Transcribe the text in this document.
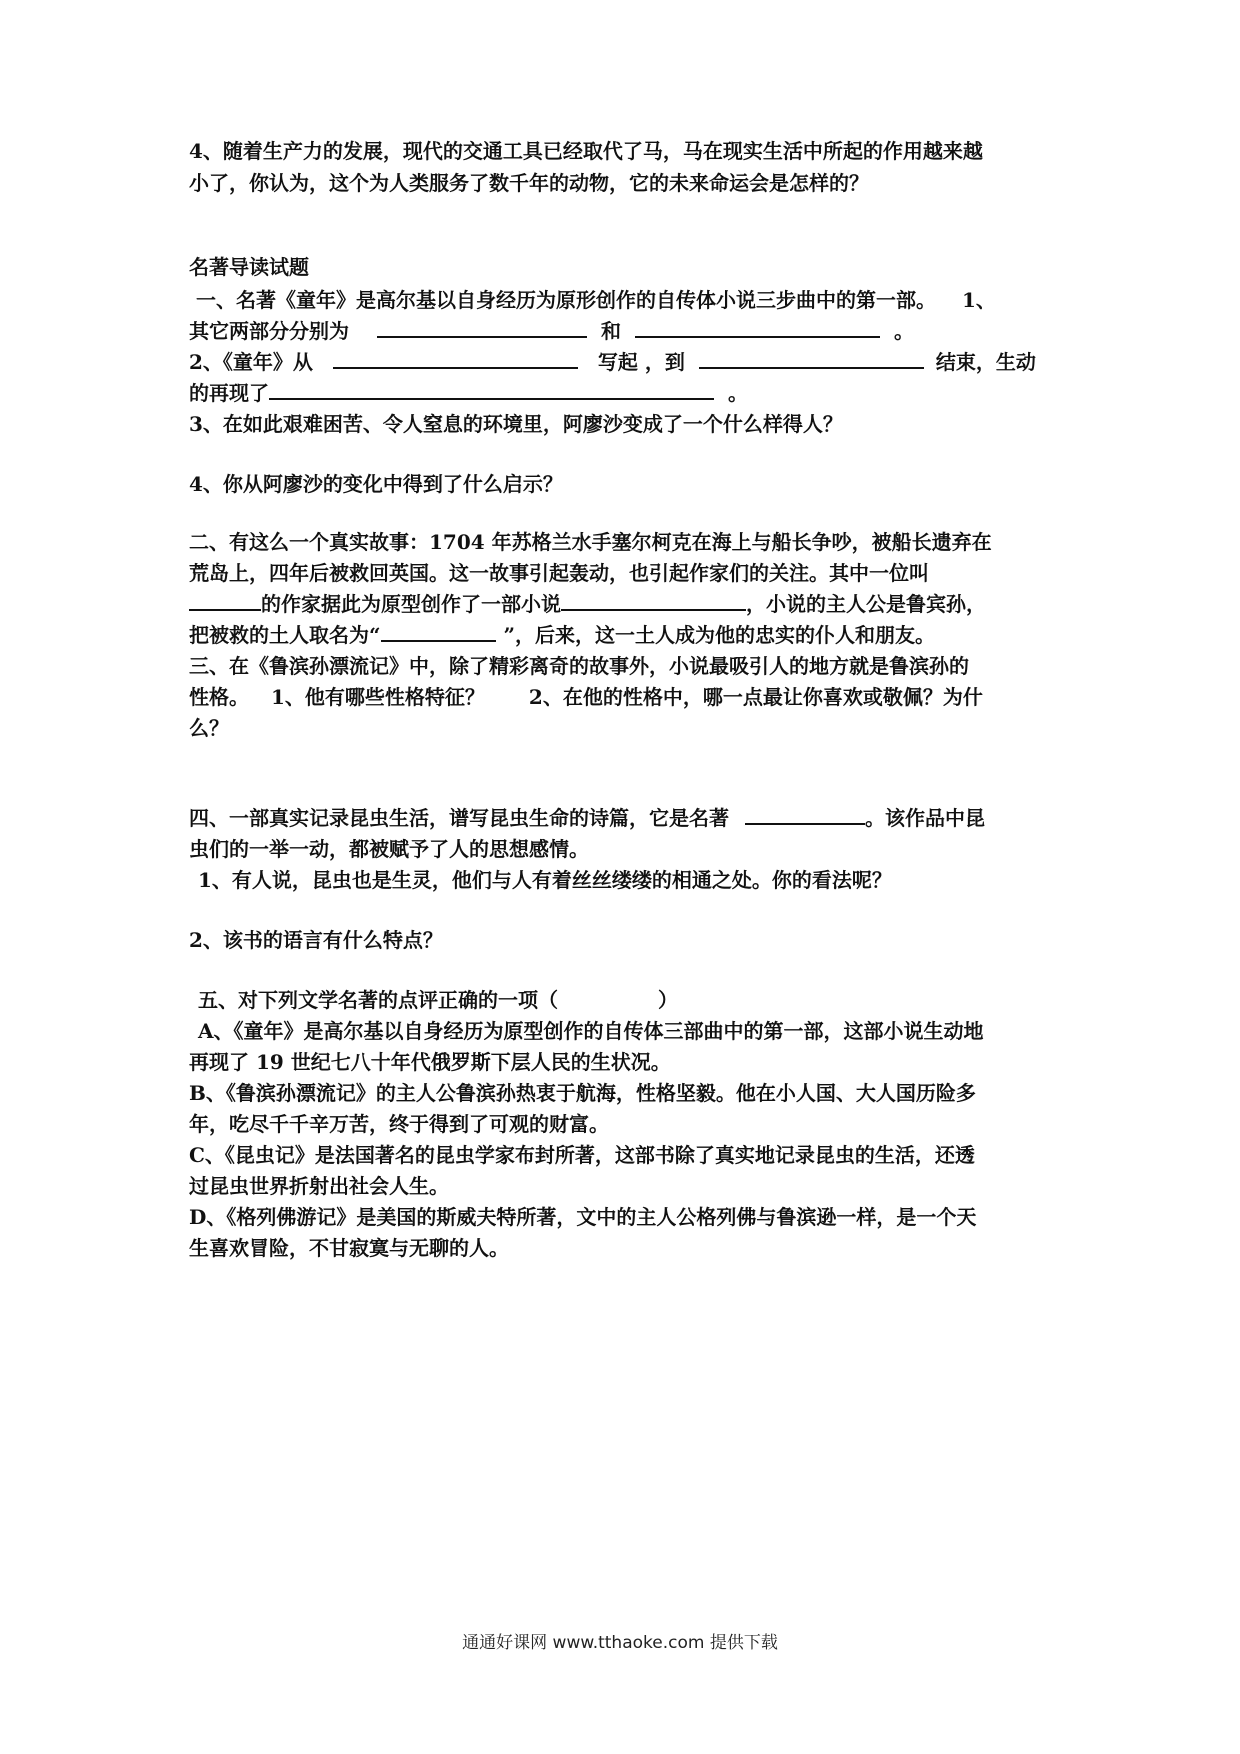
4、随着生产力的发展，现代的交通工具已经取代了马，马在现实生活中所起的作用越来越
小了，你认为，这个为人类服务了数千年的动物，它的未来命运会是怎样的？
名著导读试题
一、名著《童年》是高尔基以自身经历为原形创作的自传体小说三步曲中的第一部。 1、
其它两部分分别为	和	。
2、《童年》从	写起 ，到	结束，生动
的再现了	。
3、在如此艰难困苦、令人窒息的环境里，阿廖沙变成了一个什么样得人？
4、你从阿廖沙的变化中得到了什么启示？
二、有这么一个真实故事：1704 年苏格兰水手塞尔柯克在海上与船长争吵，被船长遗弃在
荒岛上，四年后被救回英国。这一故事引起轰动，也引起作家们的关注。其中一位叫
的作家据此为原型创作了一部小说	，小说的主人公是鲁宾孙，
把被救的土人取名为“	”，后来，这一土人成为他的忠实的仆人和朋友。
三、在《鲁滨孙漂流记》中，除了精彩离奇的故事外，小说最吸引人的地方就是鲁滨孙的
性格。 1、他有哪些性格特征？ 2、在他的性格中，哪一点最让你喜欢或敬佩？为什
么？
四、一部真实记录昆虫生活，谱写昆虫生命的诗篇，它是名著	。该作品中昆
虫们的一举一动，都被赋予了人的思想感情。
1、有人说，昆虫也是生灵，他们与人有着丝丝缕缕的相通之处。你的看法呢？
2、该书的语言有什么特点？
五、对下列文学名著的点评正确的一项（	）
A、《童年》是高尔基以自身经历为原型创作的自传体三部曲中的第一部，这部小说生动地
再现了 19 世纪七八十年代俄罗斯下层人民的生状况。
B、《鲁滨孙漂流记》的主人公鲁滨孙热衷于航海，性格坚毅。他在小人国、大人国历险多
年，吃尽千千辛万苦，终于得到了可观的财富。
C、《昆虫记》是法国著名的昆虫学家布封所著，这部书除了真实地记录昆虫的生活，还透
过昆虫世界折射出社会人生。
D、《格列佛游记》是美国的斯威夫特所著，文中的主人公格列佛与鲁滨逊一样，是一个天
生喜欢冒险，不甘寂寞与无聊的人。
通通好课网 www.tthaoke.com 提供下载
